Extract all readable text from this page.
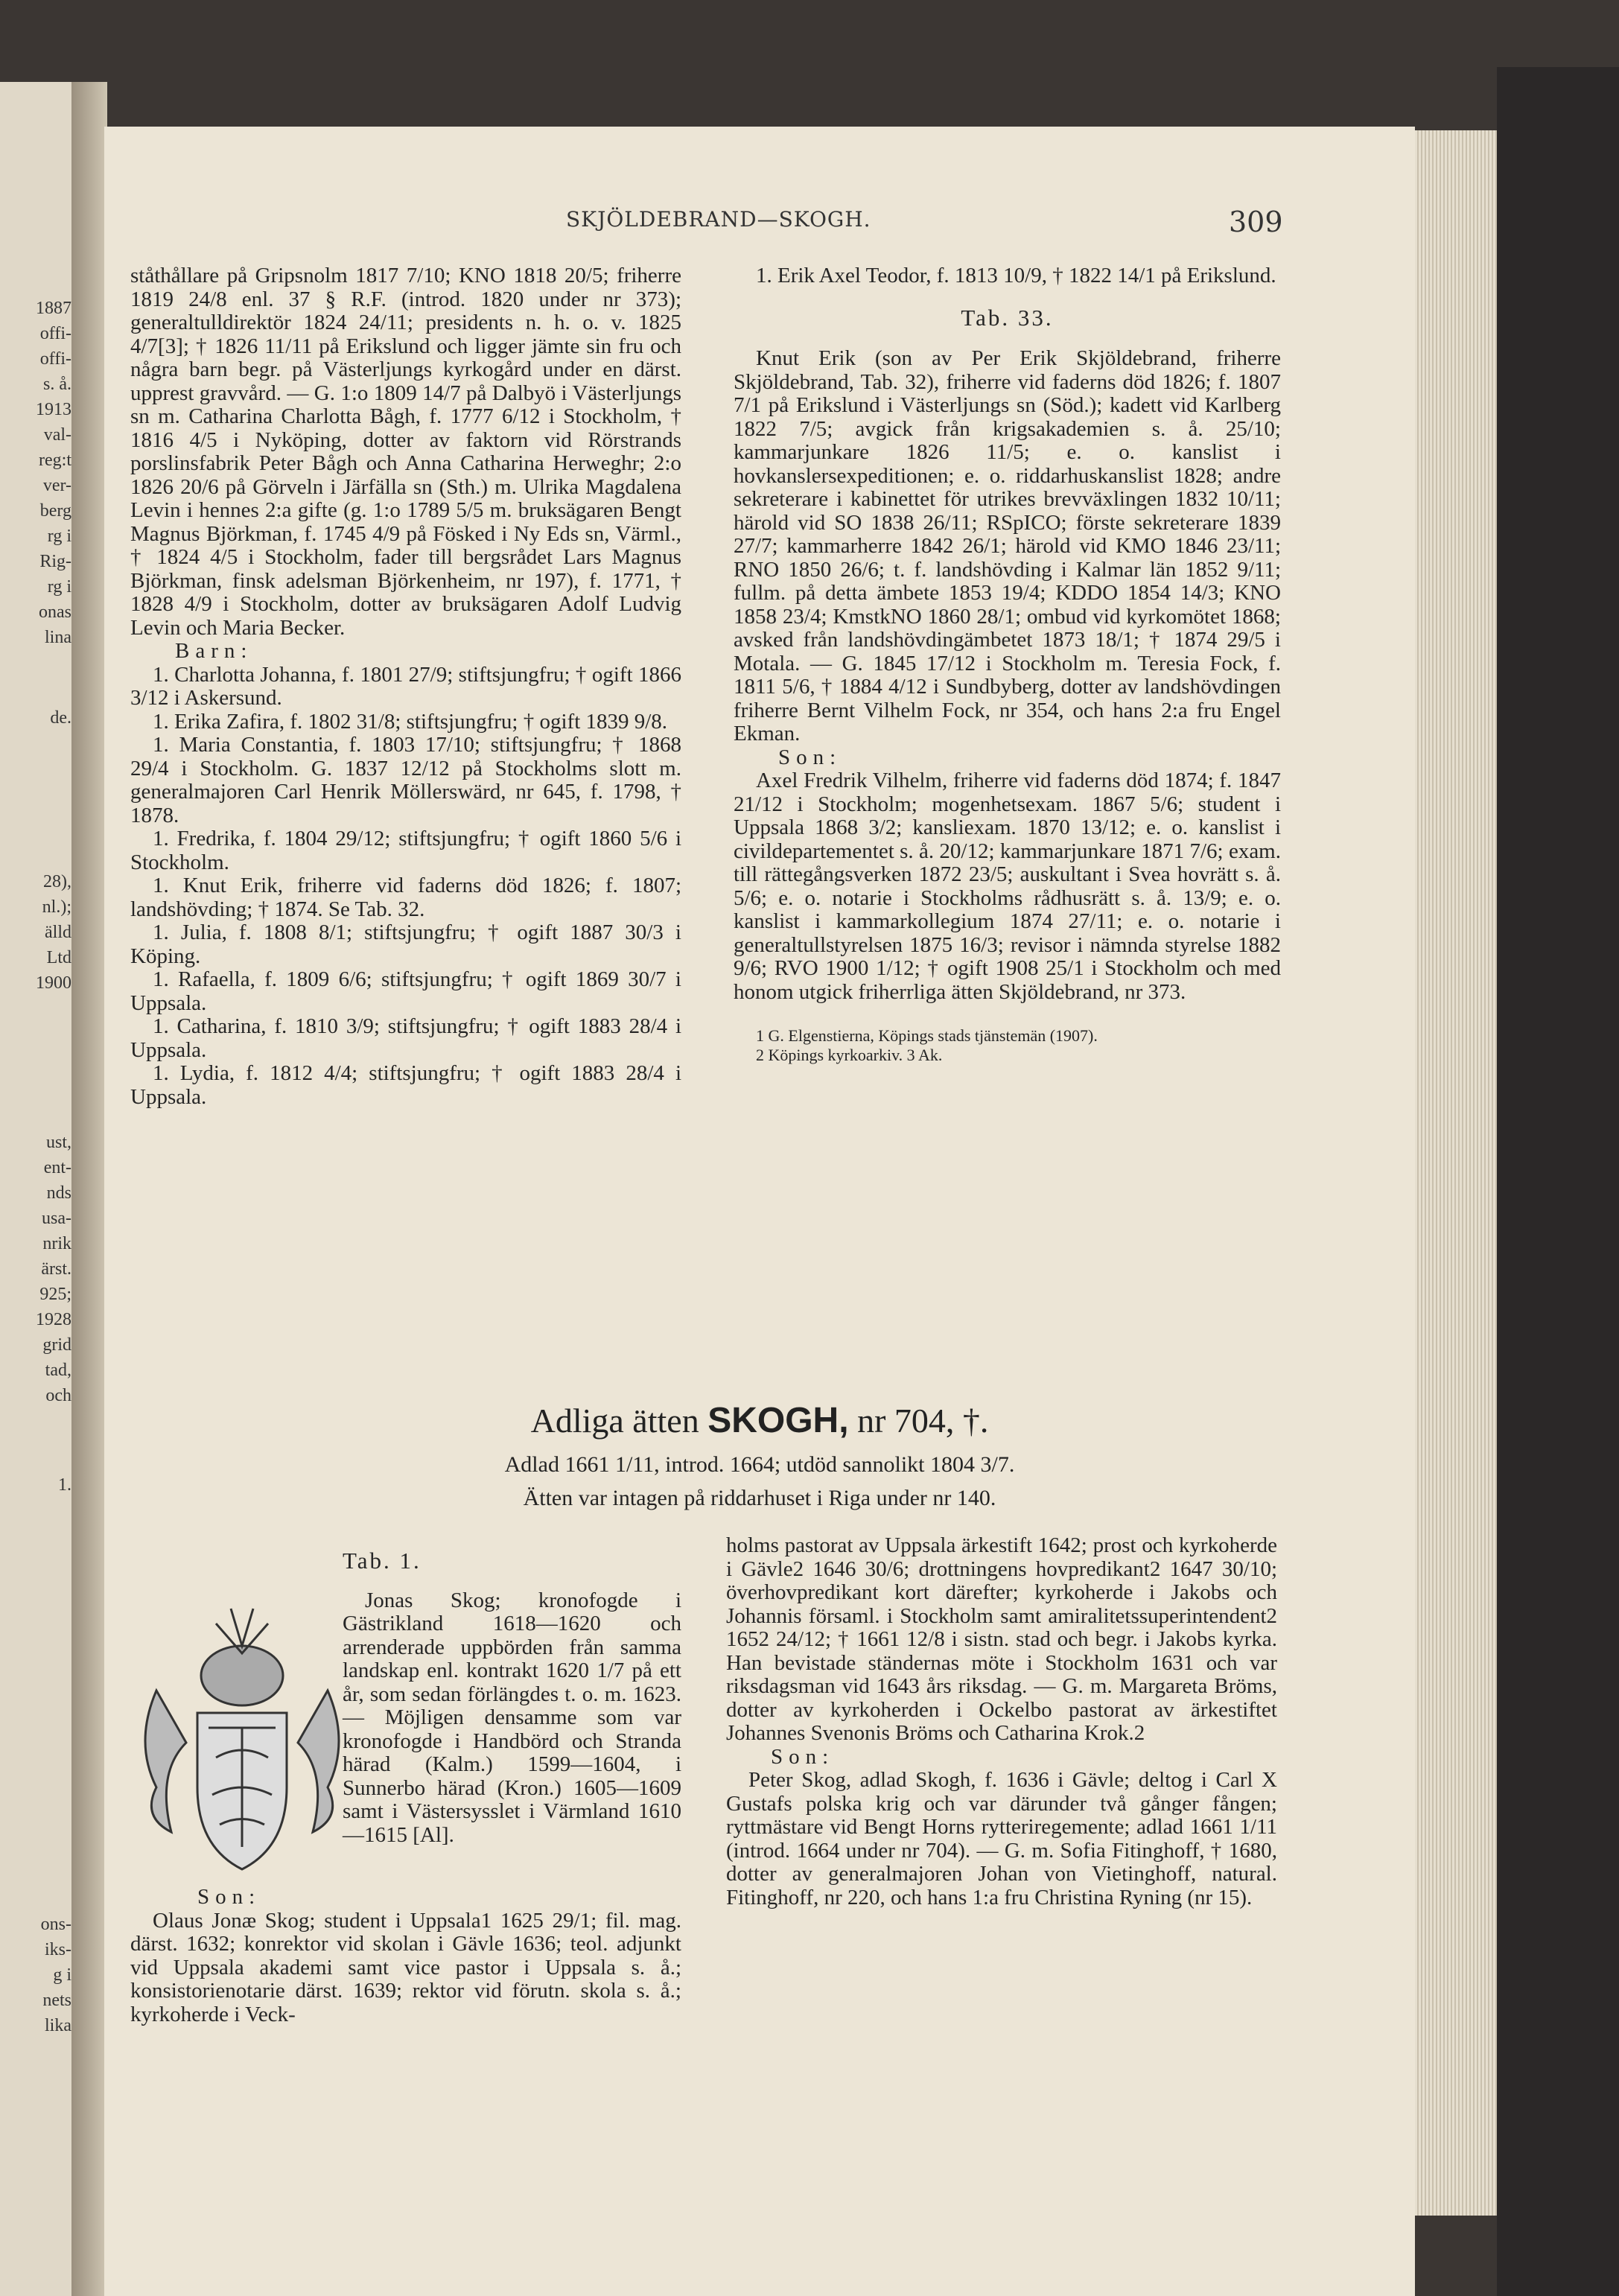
SKJÖLDEBRAND—SKOGH.	309

ståthållare på Gripsnolm 1817 7/10; KNO 1818 20/5; friherre 1819 24/8 enl. 37 § R.F. (introd. 1820 under nr 373); generaltulldirektör 1824 24/11; presidents n. h. o. v. 1825 4/7[3]; † 1826 11/11 på Erikslund och ligger jämte sin fru och några barn begr. på Västerljungs kyrkogård under en därst. upprest gravvård. — G. 1:o 1809 14/7 på Dalbyö i Västerljungs sn m. Catharina Charlotta Bågh, f. 1777 6/12 i Stockholm, † 1816 4/5 i Nyköping, dotter av faktorn vid Rörstrands porslinsfabrik Peter Bågh och Anna Catharina Herweghr; 2:o 1826 20/6 på Görveln i Järfälla sn (Sth.) m. Ulrika Magdalena Levin i hennes 2:a gifte (g. 1:o 1789 5/5 m. bruksägaren Bengt Magnus Björkman, f. 1745 4/9 på Fösked i Ny Eds sn, Värml., † 1824 4/5 i Stockholm, fader till bergsrådet Lars Magnus Björkman, finsk adelsman Björkenheim, nr 197), f. 1771, † 1828 4/9 i Stockholm, dotter av bruksägaren Adolf Ludvig Levin och Maria Becker.

Barn:

1. Charlotta Johanna, f. 1801 27/9; stiftsjungfru; † ogift 1866 3/12 i Askersund.

1. Erika Zafira, f. 1802 31/8; stiftsjungfru; † ogift 1839 9/8.

1. Maria Constantia, f. 1803 17/10; stiftsjungfru; † 1868 29/4 i Stockholm. G. 1837 12/12 på Stockholms slott m. generalmajoren Carl Henrik Möllerswärd, nr 645, f. 1798, † 1878.

1. Fredrika, f. 1804 29/12; stiftsjungfru; † ogift 1860 5/6 i Stockholm.

1. Knut Erik, friherre vid faderns död 1826; f. 1807; landshövding; † 1874. Se Tab. 32.

1. Julia, f. 1808 8/1; stiftsjungfru; † ogift 1887 30/3 i Köping.

1. Rafaella, f. 1809 6/6; stiftsjungfru; † ogift 1869 30/7 i Uppsala.

1. Catharina, f. 1810 3/9; stiftsjungfru; † ogift 1883 28/4 i Uppsala.

1. Lydia, f. 1812 4/4; stiftsjungfru; † ogift 1883 28/4 i Uppsala.

1. Erik Axel Teodor, f. 1813 10/9, † 1822 14/1 på Erikslund.

Tab. 33.

Knut Erik (son av Per Erik Skjöldebrand, friherre Skjöldebrand, Tab. 32), friherre vid faderns död 1826; f. 1807 7/1 på Erikslund i Västerljungs sn (Söd.); kadett vid Karlberg 1822 7/5; avgick från krigsakademien s. å. 25/10; kammarjunkare 1826 11/5; e. o. kanslist i hovkanslersexpeditionen; e. o. riddarhuskanslist 1828; andre sekreterare i kabinettet för utrikes brevväxlingen 1832 10/11; härold vid SO 1838 26/11; RSpICO; förste sekreterare 1839 27/7; kammarherre 1842 26/1; härold vid KMO 1846 23/11; RNO 1850 26/6; t. f. landshövding i Kalmar län 1852 9/11; fullm. på detta ämbete 1853 19/4; KDDO 1854 14/3; KNO 1858 23/4; KmstkNO 1860 28/1; ombud vid kyrkomötet 1868; avsked från landshövdingämbetet 1873 18/1; † 1874 29/5 i Motala. — G. 1845 17/12 i Stockholm m. Teresia Fock, f. 1811 5/6, † 1884 4/12 i Sundbyberg, dotter av landshövdingen friherre Bernt Vilhelm Fock, nr 354, och hans 2:a fru Engel Ekman.

Son:

Axel Fredrik Vilhelm, friherre vid faderns död 1874; f. 1847 21/12 i Stockholm; mogenhetsexam. 1867 5/6; student i Uppsala 1868 3/2; kansliexam. 1870 13/12; e. o. kanslist i civildepartementet s. å. 20/12; kammarjunkare 1871 7/6; exam. till rättegångsverken 1872 23/5; auskultant i Svea hovrätt s. å. 5/6; e. o. notarie i Stockholms rådhusrätt s. å. 13/9; e. o. kanslist i kammarkollegium 1874 27/11; e. o. notarie i generaltullstyrelsen 1875 16/3; revisor i nämnda styrelse 1882 9/6; RVO 1900 1/12; † ogift 1908 25/1 i Stockholm och med honom utgick friherrliga ätten Skjöldebrand, nr 373.

1 G. Elgenstierna, Köpings stads tjänstemän (1907).

2 Köpings kyrkoarkiv. 3 Ak.

Adliga ätten SKOGH, nr 704, †.
Adlad 1661 1/11, introd. 1664; utdöd sannolikt 1804 3/7.
Ätten var intagen på riddarhuset i Riga under nr 140.

Tab. 1.

Jonas Skog; kronofogde i Gästrikland 1618—1620 och arrenderade uppbörden från samma landskap enl. kontrakt 1620 1/7 på ett år, som sedan förlängdes t. o. m. 1623. — Möjligen densamme som var kronofogde i Handbörd och Stranda härad (Kalm.) 1599—1604, i Sunnerbo härad (Kron.) 1605—1609 samt i Västersysslet i Värmland 1610—1615 [Al].

Son:

Olaus Jonæ Skog; student i Uppsala1 1625 29/1; fil. mag. därst. 1632; konrektor vid skolan i Gävle 1636; teol. adjunkt vid Uppsala akademi samt vice pastor i Uppsala s. å.; konsistorienotarie därst. 1639; rektor vid förutn. skola s. å.; kyrkoherde i Veck-

holms pastorat av Uppsala ärkestift 1642; prost och kyrkoherde i Gävle2 1646 30/6; drottningens hovpredikant2 1647 30/10; överhovpredikant kort därefter; kyrkoherde i Jakobs och Johannis församl. i Stockholm samt amiralitetssuperintendent2 1652 24/12; † 1661 12/8 i sistn. stad och begr. i Jakobs kyrka. Han bevistade ständernas möte i Stockholm 1631 och var riksdagsman vid 1643 års riksdag. — G. m. Margareta Bröms, dotter av kyrkoherden i Ockelbo pastorat av ärkestiftet Johannes Svenonis Bröms och Catharina Krok.2

Son:

Peter Skog, adlad Skogh, f. 1636 i Gävle; deltog i Carl X Gustafs polska krig och var därunder två gånger fången; ryttmästare vid Bengt Horns rytteriregemente; adlad 1661 1/11 (introd. 1664 under nr 704). — G. m. Sofia Fitinghoff, † 1680, dotter av generalmajoren Johan von Vietinghoff, natural. Fitinghoff, nr 220, och hans 1:a fru Christina Ryning (nr 15).

1887
offi-
offi-
s. å.
1913
val-
reg:t
ver-
berg
rg i
Rig-
rg i
onas
lina
de.
28),
nl.);
älld
Ltd
1900
ust,
ent-
nds
usa-
nrik
ärst.
925;
1928
grid
tad,
och
1.
ons-
iks-
g i
nets
lika
